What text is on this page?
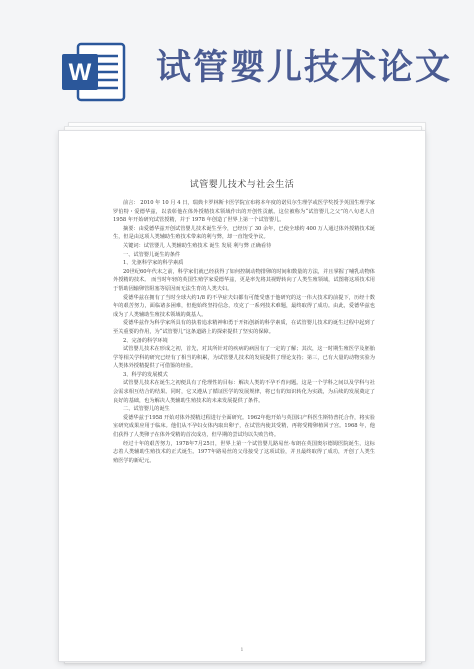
W 试管婴儿技术论文
试管婴儿技术与社会生活

前言： 2010 年 10 月 4 日，瑞典卡罗林斯卡医学院宣布将本年度的诺贝尔生理学或医学奖授予英国生理学家罗伯特・爱德华兹，以表彰他在体外授精技术领域作出的开创性贡献。这位被称为“试管婴儿之父”的八旬老人自 1958 年开始研究试管授精，并于 1978 年创造了世界上第一个试管婴儿。

摘要：由爱德华兹开创试管婴儿技术诞生至今，已经历了 30 余年，已使全球约 400 万人通过体外授精技术诞生，但是由这项人类辅助生殖技术带来的利与弊，却一直饱受争议。

关键词：试管婴儿 人类辅助生殖技术 诞生 发展 利与弊 正确看待

一、试管婴儿诞生的条件

1、先驱科学家的科学素质

20世纪60年代末之前，科学家们就已经获得了如何控制动物排卵的时间和数量的方法，并且掌握了哺乳动物体外授精的技术。 而当时年轻的英国生殖学家爱德华兹，更是率先将其视野转向了人类生殖领域，试图将这项技术用于帮助因输卵管阻塞等原因而无法生育的人类夫妇。

爱德华兹在拥有了当时全球大约1/8 的不孕症夫妇都有可能受惠于他研究的这一伟大技术的前提下，历经十数年的艰苦努力，面临诸多困难，但他始终坚持信念，攻克了一系列技术难题，最终取得了成功。由此，爱德华兹也成为了人类辅助生殖技术领域的奠基人。

爱德华兹作为科学家所具有的执着追求精神和勇于开拓创新的科学素质，在试管婴儿技术的诞生过程中起到了至关重要的作用，为“试管婴儿”这条道路上的探索提供了坚实的保障。

2、完备的科学环境

试管婴儿技术在形成之初，首先，对其所针对的疾病的病因有了一定的了解；其次，这一时期生殖医学及胚胎学等相关学科的研究已经有了相当的积累，为试管婴儿技术的发展提供了理论支持；第三，已有大量的动物实验为人类体外授精提供了可借鉴的经验。

3、科学的发展模式

试管婴儿技术在诞生之初便具有了伦理性的目标：解决人类的不孕不育问题。这是一个学科之间以及学科与社会需求相互结合的结果。同时，它又遵从了循证医学的发展规律，将已有的知识转化为实践，为后续的发展奠定了良好的基础，也为解决人类辅助生殖技术的未来发展提供了条件。

二、试管婴儿的诞生

爱德华兹于1958 开始对体外授精过程进行全面研究。1962年他开始与英国妇产科医生斯特普托合作，将实验室研究成果应用于临床。他们从不孕妇女体内取出卵子，在试管内使其受精，再将受精卵植回子宫。1968 年，他们获得了人类卵子在体外受精的首次成功，但早期的尝试均以失败告终。

经过十年的艰苦努力，1978年7月25日，世界上第一个试管婴儿路易丝·布朗在英国奥尔德姆医院诞生，这标志着人类辅助生殖技术的正式诞生。1977年路易丝的父母接受了这项试验，并且最终取得了成功，开创了人类生殖医学的新纪元。

1
